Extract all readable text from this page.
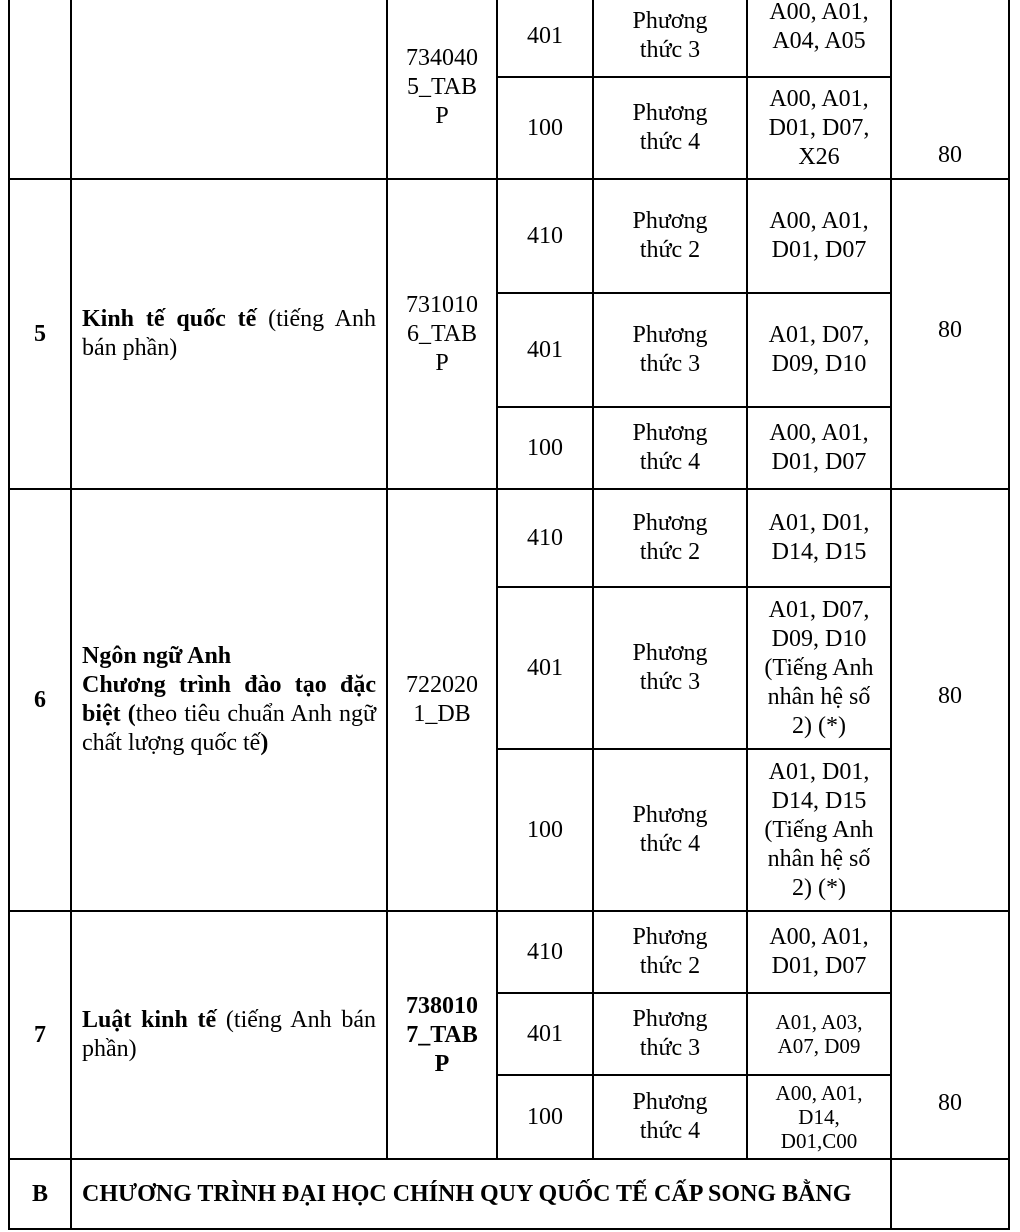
		734040
5_TAB
P	401	Phương
thức 3	A00, A01,
A04, A05	80
			100	Phương
thức 4	A00, A01,
D01, D07,
X26	
5	Kinh tế quốc tế (tiếng Anh bán phần)	731010
6_TAB
P	410	Phương
thức 2	A00, A01,
D01, D07	80
			401	Phương
thức 3	A01, D07,
D09, D10	
			100	Phương
thức 4	A00, A01,
D01, D07	
6	Ngôn ngữ Anh
Chương trình đào tạo đặc biệt (theo tiêu chuẩn Anh ngữ chất lượng quốc tế)	722020
1_DB	410	Phương
thức 2	A01, D01,
D14, D15	80
			401	Phương
thức 3	A01, D07,
D09, D10
(Tiếng Anh
nhân hệ số
2) (*)	
			100	Phương
thức 4	A01, D01,
D14, D15
(Tiếng Anh
nhân hệ số
2) (*)	
7	Luật kinh tế (tiếng Anh bán phần)	738010
7_TAB
P	410	Phương
thức 2	A00, A01,
D01, D07	80
			401	Phương
thức 3	A01, A03,
A07, D09	
			100	Phương
thức 4	A00, A01,
D14,
D01,C00	
B	CHƯƠNG TRÌNH ĐẠI HỌC CHÍNH QUY QUỐC TẾ CẤP SONG BẰNG					
